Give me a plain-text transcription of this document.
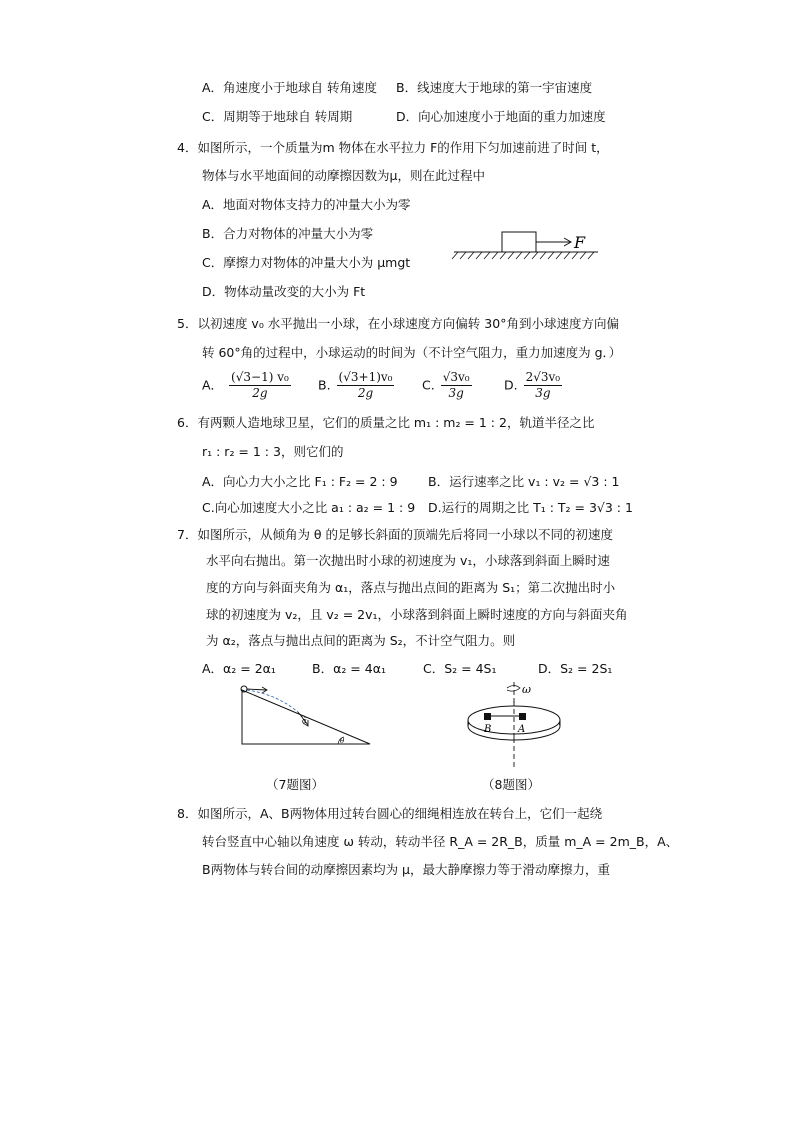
A．角速度小于地球自 转角速度 B．线速度大于地球的第一宇宙速度
C．周期等于地球自 转周期	D．向心加速度小于地面的重力加速度
4．如图所示，一个质量为m 物体在水平拉力 F的作用下匀加速前进了时间 t，
物体与水平地面间的动摩擦因数为μ，则在此过程中
A．地面对物体支持力的冲量大小为零
B．合力对物体的冲量大小为零
C．摩擦力对物体的冲量大小为 μmgt
D．物体动量改变的大小为 Ft
F
5．以初速度 v₀ 水平抛出一小球，在小球速度方向偏转 30°角到小球速度方向偏
转 60°角的过程中，小球运动的时间为（不计空气阻力，重力加速度为 g．）
A． $\frac{\text{(√3−1) v₀}}{2g} B$. $\frac{\text{(√3+1)v₀}}{2g} C$. $\frac{\text{√3v₀}}{3g}$	D. $\frac{\text{2√3v₀}}{3g}$
6．有两颗人造地球卫星，它们的质量之比 m₁ : m₂ = 1 : 2，轨道半径之比
r₁ : r₂ = 1 : 3，则它们的
A．向心力大小之比 F₁ : F₂ = 2 : 9 B．运行速率之比 v₁ : v₂ = √3 : 1
C.向心加速度大小之比 a₁ : a₂ = 1 : 9 D.运行的周期之比 T₁ : T₂ = 3√3 : 1
7．如图所示，从倾角为 θ 的足够长斜面的顶端先后将同一小球以不同的初速度
水平向右抛出。第一次抛出时小球的初速度为 v₁，小球落到斜面上瞬时速
度的方向与斜面夹角为 α₁，落点与抛出点间的距离为 S₁；第二次抛出时小
球的初速度为 v₂，且 v₂ = 2v₁，小球落到斜面上瞬时速度的方向与斜面夹角
为 α₂，落点与抛出点间的距离为 S₂，不计空气阻力。则
A．α₂ = 2α₁	B．α₂ = 4α₁	C．S₂ = 4S₁	D．S₂ = 2S₁
α
θ
ω
B	A
（7题图）	（8题图）
8．如图所示，A、B两物体用过转台圆心的细绳相连放在转台上，它们一起绕
转台竖直中心轴以角速度 ω 转动，转动半径 R_A = 2R_B，质量 m_A = 2m_B，A、
B两物体与转台间的动摩擦因素均为 μ，最大静摩擦力等于滑动摩擦力，重
